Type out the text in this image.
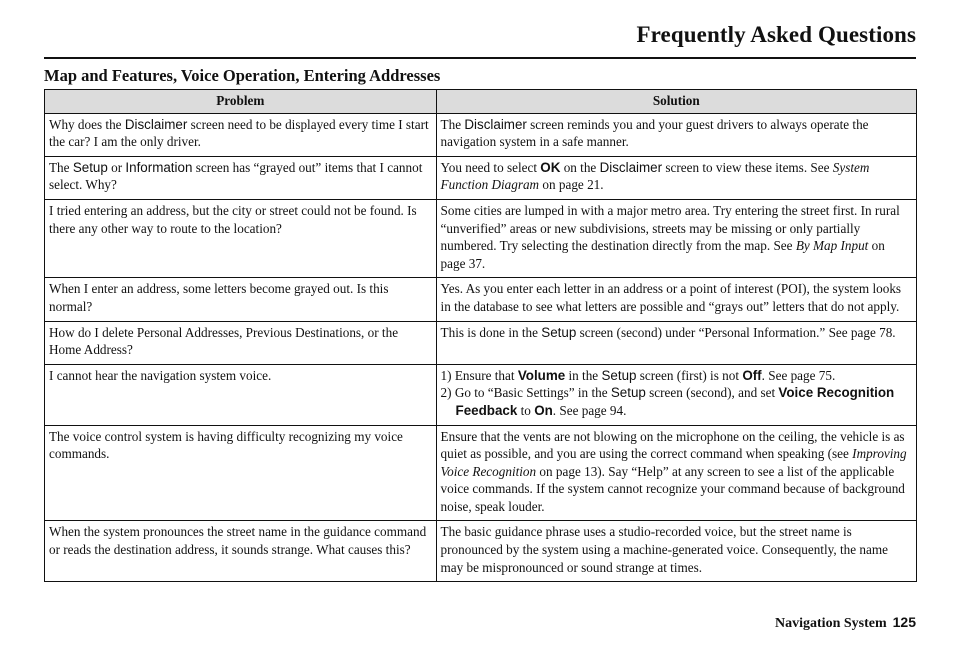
Frequently Asked Questions
Map and Features, Voice Operation, Entering Addresses
Problem	Solution
Why does the Disclaimer screen need to be displayed every time I start the car? I am the only driver.	The Disclaimer screen reminds you and your guest drivers to always operate the navigation system in a safe manner.

The Setup or Information screen has “grayed out” items that I cannot select. Why?	You need to select OK on the Disclaimer screen to view these items. See System Function Diagram on page 21.

I tried entering an address, but the city or street could not be found. Is there any other way to route to the location?	Some cities are lumped in with a major metro area. Try entering the street first. In rural “unverified” areas or new subdivisions, streets may be missing or only partially numbered. Try selecting the destination directly from the map. See By Map Input on page 37.

When I enter an address, some letters become grayed out. Is this normal?	Yes. As you enter each letter in an address or a point of interest (POI), the system looks in the database to see what letters are possible and “grays out” letters that do not apply.

How do I delete Personal Addresses, Previous Destinations, or the Home Address?	This is done in the Setup screen (second) under “Personal Information.” See page 78.

I cannot hear the navigation system voice.	1) Ensure that Volume in the Setup screen (first) is not Off. See page 75.
2) Go to “Basic Settings” in the Setup screen (second), and set Voice Recognition Feedback to On. See page 94.

The voice control system is having difficulty recognizing my voice commands.	Ensure that the vents are not blowing on the microphone on the ceiling, the vehicle is as quiet as possible, and you are using the correct command when speaking (see Improving Voice Recognition on page 13). Say “Help” at any screen to see a list of the applicable voice commands. If the system cannot recognize your command because of background noise, speak louder.

When the system pronounces the street name in the guidance command or reads the destination address, it sounds strange. What causes this?	The basic guidance phrase uses a studio-recorded voice, but the street name is pronounced by the system using a machine-generated voice. Consequently, the name may be mispronounced or sound strange at times.
Navigation System 125
